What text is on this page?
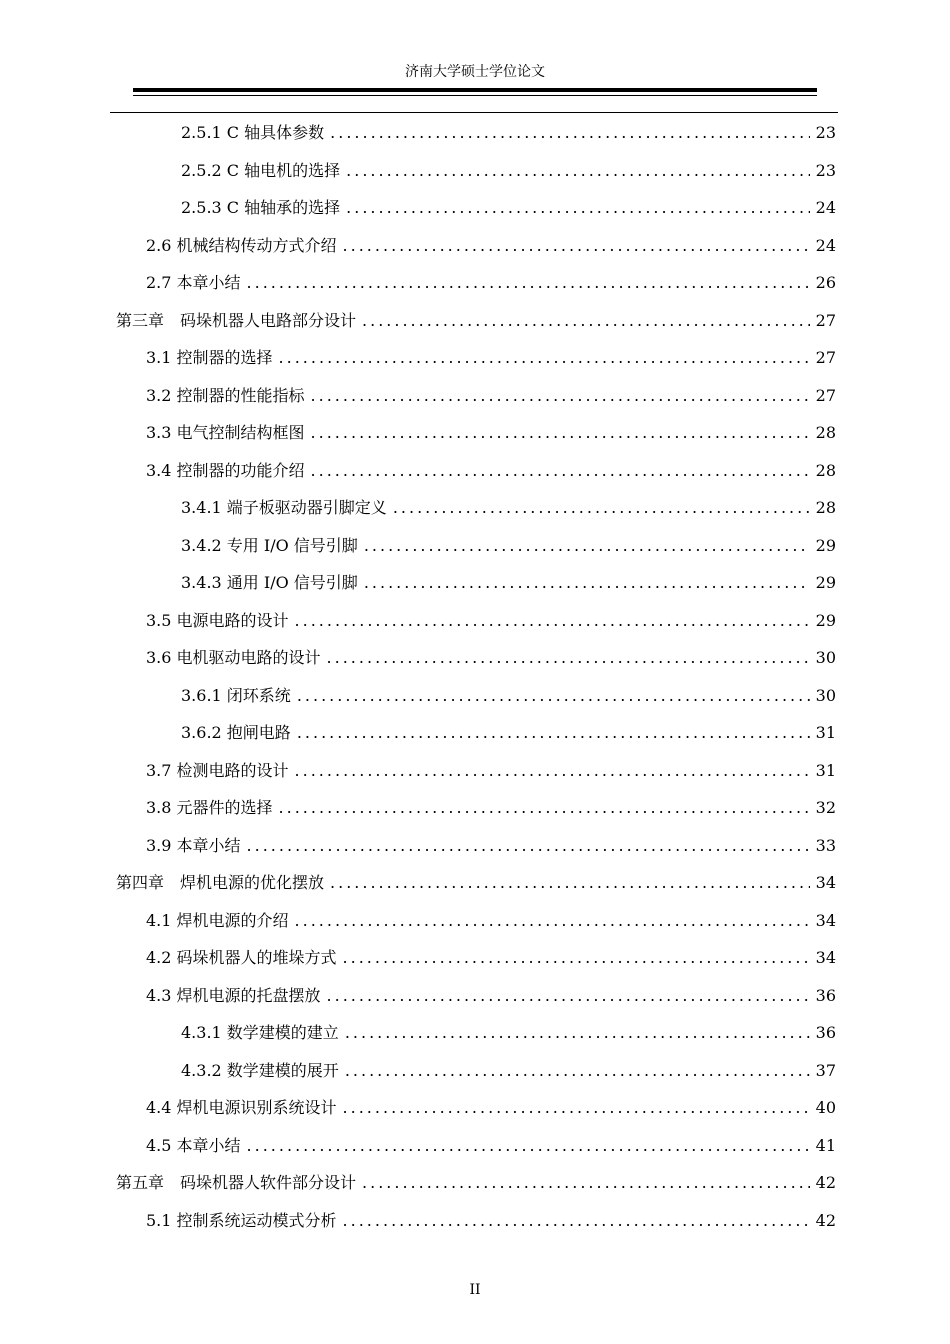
济南大学硕士学位论文
2.5.1 C 轴具体参数 .....	23
2.5.2 C 轴电机的选择 .....	23
2.5.3 C 轴轴承的选择 .....	24
2.6 机械结构传动方式介绍 .....	24
2.7 本章小结 .....	26
第三章　码垛机器人电路部分设计 .....	27
3.1 控制器的选择 .....	27
3.2 控制器的性能指标 .....	27
3.3 电气控制结构框图 .....	28
3.4 控制器的功能介绍 .....	28
3.4.1 端子板驱动器引脚定义 .....	28
3.4.2 专用 I/O 信号引脚 .....	29
3.4.3 通用 I/O 信号引脚 .....	29
3.5 电源电路的设计 .....	29
3.6 电机驱动电路的设计 .....	30
3.6.1 闭环系统 .....	30
3.6.2 抱闸电路 .....	31
3.7 检测电路的设计 .....	31
3.8 元器件的选择 .....	32
3.9 本章小结 .....	33
第四章　焊机电源的优化摆放 .....	34
4.1 焊机电源的介绍 .....	34
4.2 码垛机器人的堆垛方式 .....	34
4.3 焊机电源的托盘摆放 .....	36
4.3.1 数学建模的建立 .....	36
4.3.2 数学建模的展开 .....	37
4.4 焊机电源识别系统设计 .....	40
4.5 本章小结 .....	41
第五章　码垛机器人软件部分设计 .....	42
5.1 控制系统运动模式分析 .....	42
II
